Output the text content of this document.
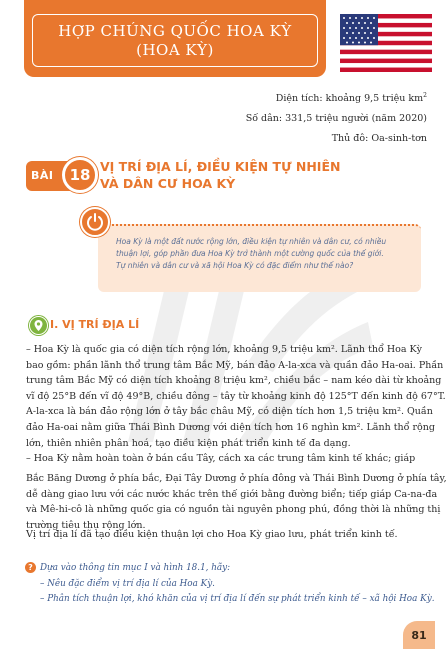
HỢP CHÚNG QUỐC HOA KỲ
(HOA KỲ)
Diện tích: khoảng 9,5 triệu $km^2$
Số dân: 331,5 triệu người (năm 2020)
Thủ đô: Oa-sinh-tơn
BÀI	18 VỊ TRÍ ĐỊA LÍ, ĐIỀU KIỆN TỰ NHIÊN
VÀ DÂN CƯ HOA KỲ
Hoa Kỳ là một đất nước rộng lớn, điều kiện tự nhiên và dân cư, có nhiều
thuận lợi, góp phần đưa Hoa Kỳ trở thành một cường quốc của thế giới.
Tự nhiên và dân cư và xã hội Hoa Kỳ có đặc điểm như thế nào?
I. VỊ TRÍ ĐỊA LÍ
– Hoa Kỳ là quốc gia có diện tích rộng lớn, khoảng 9,5 triệu km². Lãnh thổ Hoa Kỳ
bao gồm: phần lãnh thổ trung tâm Bắc Mỹ, bán đảo A-la-xca và quần đảo Ha-oai. Phần
trung tâm Bắc Mỹ có diện tích khoảng 8 triệu km², chiều bắc – nam kéo dài từ khoảng
vĩ độ 25°B đến vĩ độ 49°B, chiều đông – tây từ khoảng kinh độ 125°T đến kinh độ 67°T.
A-la-xca là bán đảo rộng lớn ở tây bắc châu Mỹ, có diện tích hơn 1,5 triệu km². Quần
đảo Ha-oai nằm giữa Thái Bình Dương với diện tích hơn 16 nghìn km². Lãnh thổ rộng
lớn, thiên nhiên phân hoá, tạo điều kiện phát triển kinh tế đa dạng.
– Hoa Kỳ nằm hoàn toàn ở bán cầu Tây, cách xa các trung tâm kinh tế khác; giáp
Bắc Băng Dương ở phía bắc, Đại Tây Dương ở phía đông và Thái Bình Dương ở phía tây,
dễ dàng giao lưu với các nước khác trên thế giới bằng đường biển; tiếp giáp Ca-na-đa
và Mê-hi-cô là những quốc gia có nguồn tài nguyên phong phú, đồng thời là những thị
trường tiêu thụ rộng lớn.
Vị trí địa lí đã tạo điều kiện thuận lợi cho Hoa Kỳ giao lưu, phát triển kinh tế.
? Dựa vào thông tin mục I và hình 18.1, hãy:
– Nêu đặc điểm vị trí địa lí của Hoa Kỳ.
– Phân tích thuận lợi, khó khăn của vị trí địa lí đến sự phát triển kinh tế – xã hội Hoa Kỳ.
81
